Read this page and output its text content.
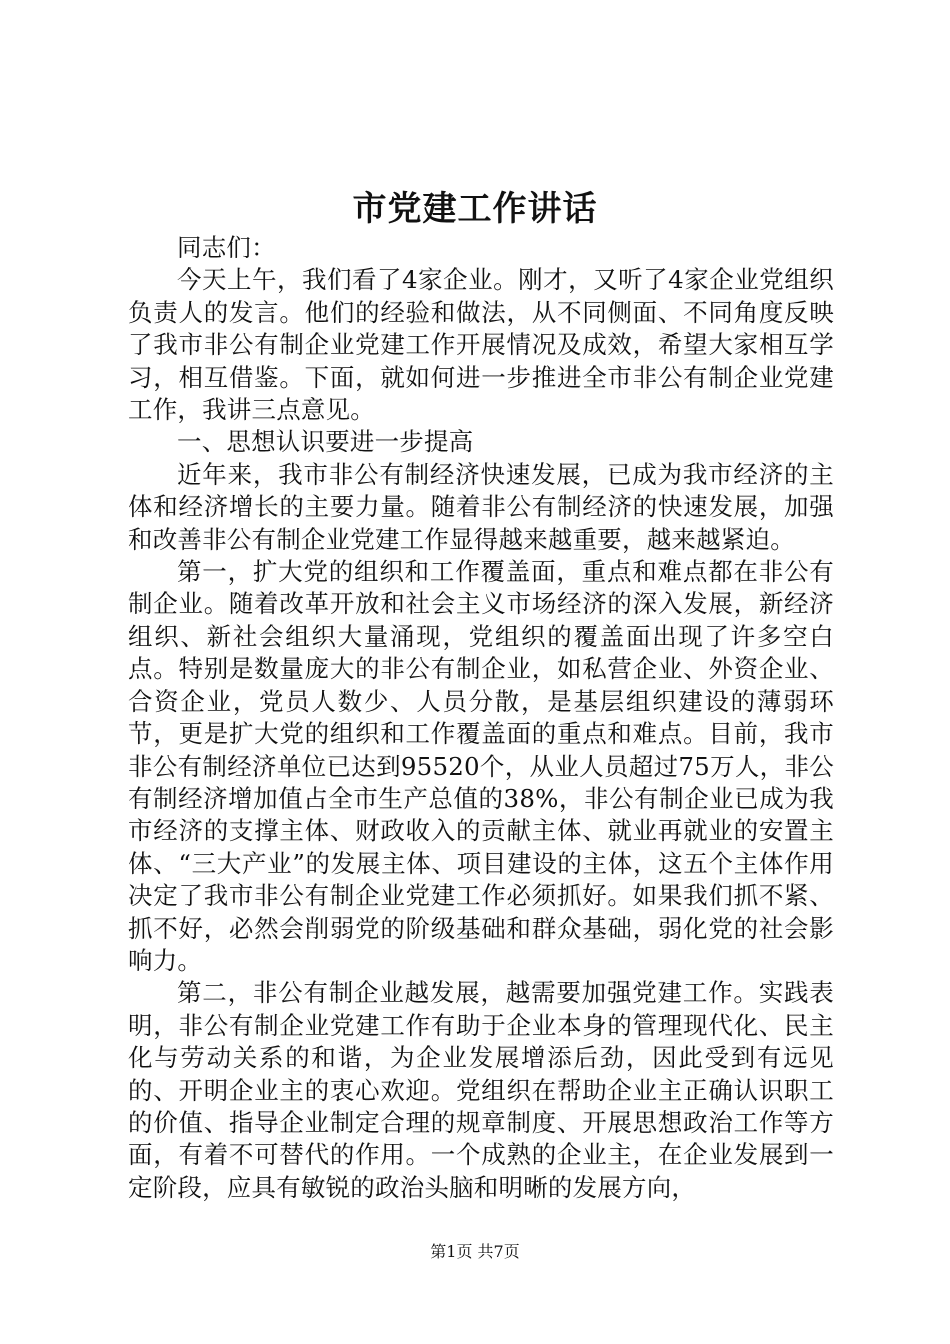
市党建工作讲话

同志们：

今天上午，我们看了4家企业。刚才，又听了4家企业党组织负责人的发言。他们的经验和做法，从不同侧面、不同角度反映了我市非公有制企业党建工作开展情况及成效，希望大家相互学习，相互借鉴。下面，就如何进一步推进全市非公有制企业党建工作，我讲三点意见。

一、思想认识要进一步提高

近年来，我市非公有制经济快速发展，已成为我市经济的主体和经济增长的主要力量。随着非公有制经济的快速发展，加强和改善非公有制企业党建工作显得越来越重要，越来越紧迫。

第一，扩大党的组织和工作覆盖面，重点和难点都在非公有制企业。随着改革开放和社会主义市场经济的深入发展，新经济组织、新社会组织大量涌现，党组织的覆盖面出现了许多空白点。特别是数量庞大的非公有制企业，如私营企业、外资企业、合资企业，党员人数少、人员分散，是基层组织建设的薄弱环节，更是扩大党的组织和工作覆盖面的重点和难点。目前，我市非公有制经济单位已达到95520个，从业人员超过75万人，非公有制经济增加值占全市生产总值的38%，非公有制企业已成为我市经济的支撑主体、财政收入的贡献主体、就业再就业的安置主体、“三大产业”的发展主体、项目建设的主体，这五个主体作用决定了我市非公有制企业党建工作必须抓好。如果我们抓不紧、抓不好，必然会削弱党的阶级基础和群众基础，弱化党的社会影响力。

第二，非公有制企业越发展，越需要加强党建工作。实践表明，非公有制企业党建工作有助于企业本身的管理现代化、民主化与劳动关系的和谐，为企业发展增添后劲，因此受到有远见的、开明企业主的衷心欢迎。党组织在帮助企业主正确认识职工的价值、指导企业制定合理的规章制度、开展思想政治工作等方面，有着不可替代的作用。一个成熟的企业主，在企业发展到一定阶段，应具有敏锐的政治头脑和明晰的发展方向，

第1页 共7页
